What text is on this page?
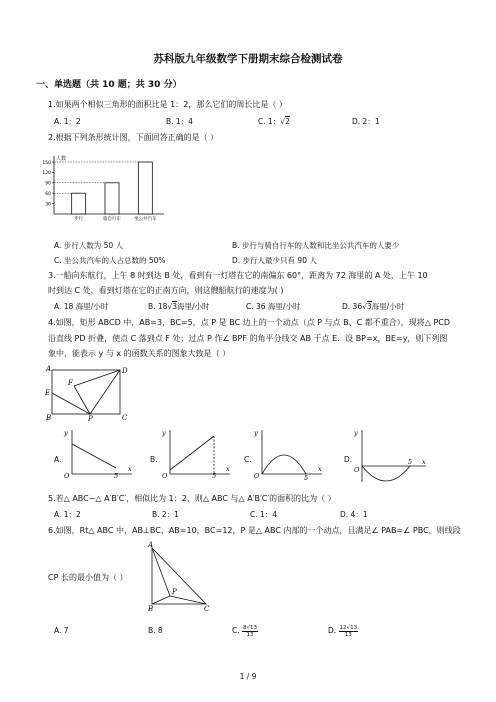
苏科版九年级数学下册期末综合检测试卷
一、单选题（共 10 题；共 30 分）
1.如果两个相似三角形的面积比是 1：2，那么它们的周长比是（ ）
A. 1：2	B. 1：4	C. 1：√2	D. 2：1
2.根据下列条形统计图，下面回答正确的是（ ）
人数
30
60
90
120
150
步行	骑自行车	坐公共汽车
A. 步行人数为 50 人	B. 步行与骑自行车的人数和比坐公共汽车的人要少
C. 坐公共汽车的人占总数的 50%	D. 步行人最少只有 90 人
3.一船向东航行，上午 8 时到达 B 处，看到有一灯塔在它的南偏东 60°，距离为 72 海里的 A 处，上午 10
时到达 C 处，看到灯塔在它的正南方向，则这艘船航行的速度为( )
A. 18 海里/小时	B. 18√3海里/小时	C. 36 海里/小时	D. 36√3海里/小时
4.如图，矩形 ABCD 中，AB=3，BC=5，点 P 是 BC 边上的一个动点（点 P 与点 B、C 都不重合），现将△ PCD
沿直线 PD 折叠，使点 C 落到点 F 处；过点 P 作∠ BPF 的角平分线交 AB 于点 E．设 BP=x，BE=y，则下列图
象中，能表示 y 与 x 的函数关系的图象大致是（ ）
A	D
F
E
B	P	C
A.
y
x
O	5
B.
y
x
O	5
C.
y
x
O	5
D.
y
x
O
5
5.若△ ABC∽△ A′B′C′，相似比为 1：2，则△ ABC 与△ A′B′C′的面积的比为（ ）
A. 1：2	B. 2：1	C. 1：4	D. 4：1
6.如图，Rt△ ABC 中，AB⊥BC，AB=10，BC=12，P 是△ ABC 内部的一个动点，且满足∠ PAB=∠ PBC，则线段
A
P
B	C
CP 长的最小值为（ ）
A. 7	B. 8	C. $\frac{8√13}{13}$	D. $\frac{12√13}{13}$
1 / 9
